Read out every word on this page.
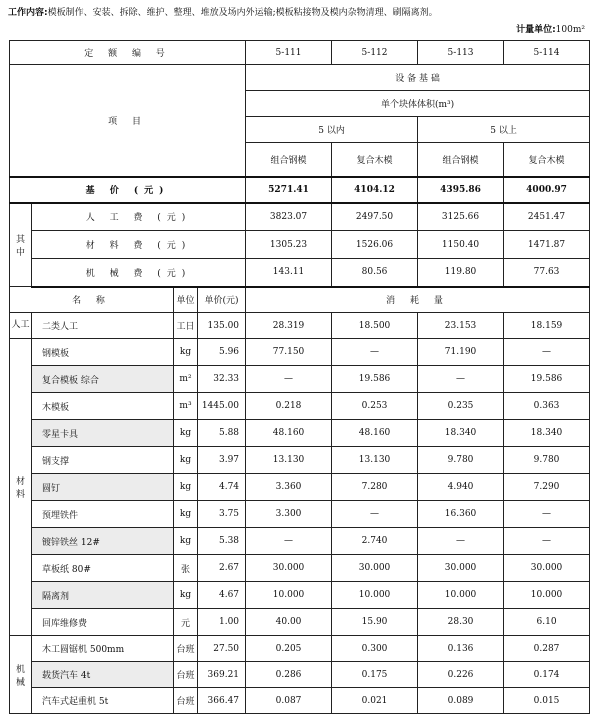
工作内容:模板制作、安装、拆除、维护、整理、堆放及场内外运输;模板粘接物及模内杂物清理、刷隔离剂。
计量单位:100m²
定 额 编 号				5-111	5-112	5-113	5-114
项 目				设 备 基 础			
				单个块体体积(m³)			
				5 以内		5 以上	
				组合钢模	复合木模	组合钢模	复合木模
基 价 (元)				5271.41	4104.12	4395.86	4000.97

其
中	人 工 费 (元)			3823.07	2497.50	3125.66	2451.47
	材 料 费 (元)			1305.23	1526.06	1150.40	1471.87
	机 械 费 (元)			143.11	80.56	119.80	77.63
名 称		单位	单价(元)	消 耗 量			
人工	二类人工	工日	135.00	28.319	18.500	23.153	18.159

材
料	钢模板	kg	5.96	77.150	—	71.190	—
	复合模板 综合	m²	32.33	—	19.586	—	19.586
	木模板	m³	1445.00	0.218	0.253	0.235	0.363
	零星卡具	kg	5.88	48.160	48.160	18.340	18.340
	钢支撑	kg	3.97	13.130	13.130	9.780	9.780
	圆钉	kg	4.74	3.360	7.280	4.940	7.290
	预埋铁件	kg	3.75	3.300	—	16.360	—
	镀锌铁丝 12#	kg	5.38	—	2.740	—	—
	草板纸 80#	张	2.67	30.000	30.000	30.000	30.000
	隔离剂	kg	4.67	10.000	10.000	10.000	10.000
	回库维修费	元	1.00	40.00	15.90	28.30	6.10

机
械	木工圆锯机 500mm	台班	27.50	0.205	0.300	0.136	0.287
	载货汽车 4t	台班	369.21	0.286	0.175	0.226	0.174
	汽车式起重机 5t	台班	366.47	0.087	0.021	0.089	0.015
